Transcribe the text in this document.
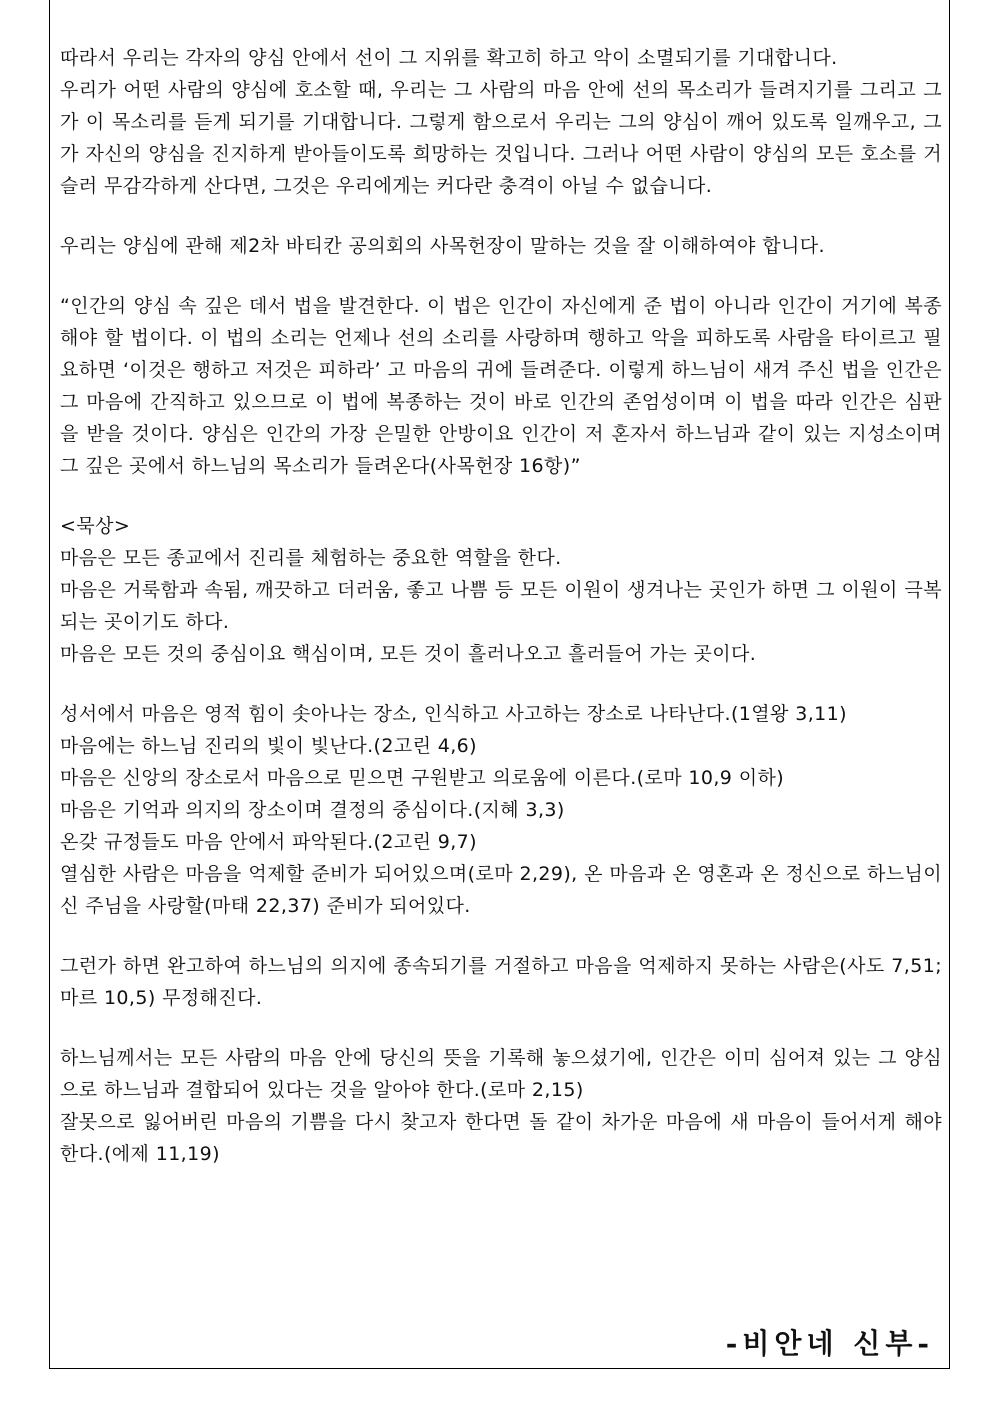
따라서 우리는 각자의 양심 안에서 선이 그 지위를 확고히 하고 악이 소멸되기를 기대합니다.

우리가 어떤 사람의 양심에 호소할 때, 우리는 그 사람의 마음 안에 선의 목소리가 들려지기를 그리고 그가 이 목소리를 듣게 되기를 기대합니다. 그렇게 함으로서 우리는 그의 양심이 깨어 있도록 일깨우고, 그가 자신의 양심을 진지하게 받아들이도록 희망하는 것입니다. 그러나 어떤 사람이 양심의 모든 호소를 거슬러 무감각하게 산다면, 그것은 우리에게는 커다란 충격이 아닐 수 없습니다.

우리는 양심에 관해 제2차 바티칸 공의회의 사목헌장이 말하는 것을 잘 이해하여야 합니다.

“인간의 양심 속 깊은 데서 법을 발견한다. 이 법은 인간이 자신에게 준 법이 아니라 인간이 거기에 복종해야 할 법이다. 이 법의 소리는 언제나 선의 소리를 사랑하며 행하고 악을 피하도록 사람을 타이르고 필요하면 ‘이것은 행하고 저것은 피하라’ 고 마음의 귀에 들려준다. 이렇게 하느님이 새겨 주신 법을 인간은 그 마음에 간직하고 있으므로 이 법에 복종하는 것이 바로 인간의 존엄성이며 이 법을 따라 인간은 심판을 받을 것이다. 양심은 인간의 가장 은밀한 안방이요 인간이 저 혼자서 하느님과 같이 있는 지성소이며 그 깊은 곳에서 하느님의 목소리가 들려온다(사목헌장 16항)”

<묵상>

마음은 모든 종교에서 진리를 체험하는 중요한 역할을 한다.

마음은 거룩함과 속됨, 깨끗하고 더러움, 좋고 나쁨 등 모든 이원이 생겨나는 곳인가 하면 그 이원이 극복되는 곳이기도 하다.

마음은 모든 것의 중심이요 핵심이며, 모든 것이 흘러나오고 흘러들어 가는 곳이다.

성서에서 마음은 영적 힘이 솟아나는 장소, 인식하고 사고하는 장소로 나타난다.(1열왕 3,11)

마음에는 하느님 진리의 빛이 빛난다.(2고린 4,6)

마음은 신앙의 장소로서 마음으로 믿으면 구원받고 의로움에 이른다.(로마 10,9 이하)

마음은 기억과 의지의 장소이며 결정의 중심이다.(지혜 3,3)

온갖 규정들도 마음 안에서 파악된다.(2고린 9,7)

열심한 사람은 마음을 억제할 준비가 되어있으며(로마 2,29), 온 마음과 온 영혼과 온 정신으로 하느님이신 주님을 사랑할(마태 22,37) 준비가 되어있다.

그런가 하면 완고하여 하느님의 의지에 종속되기를 거절하고 마음을 억제하지 못하는 사람은(사도 7,51; 마르 10,5) 무정해진다.

하느님께서는 모든 사람의 마음 안에 당신의 뜻을 기록해 놓으셨기에, 인간은 이미 심어져 있는 그 양심으로 하느님과 결합되어 있다는 것을 알아야 한다.(로마 2,15)

잘못으로 잃어버린 마음의 기쁨을 다시 찾고자 한다면 돌 같이 차가운 마음에 새 마음이 들어서게 해야 한다.(에제 11,19)

-비안네 신부-
